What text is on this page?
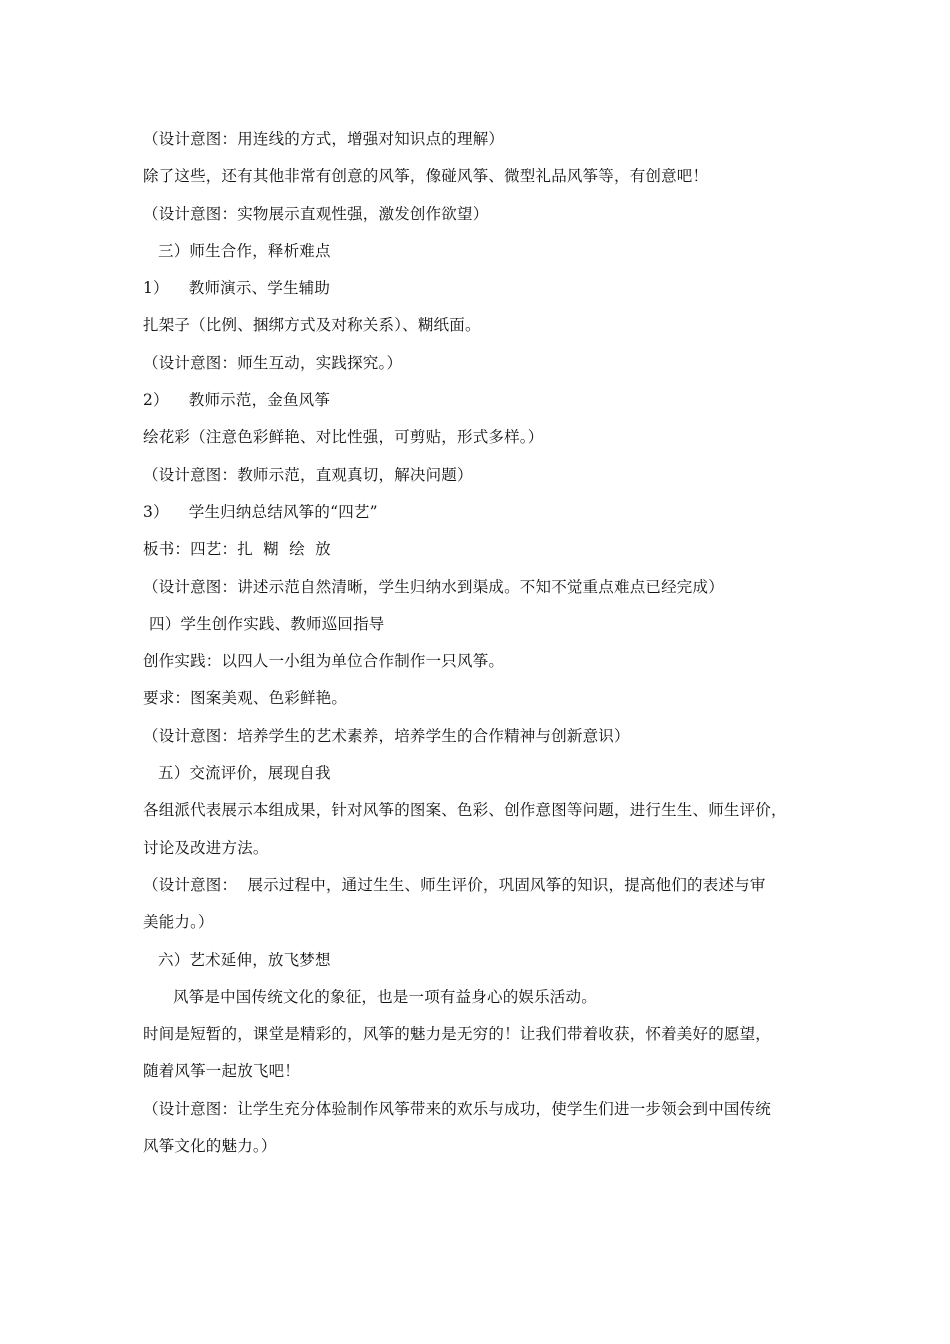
（设计意图：用连线的方式，增强对知识点的理解）
除了这些，还有其他非常有创意的风筝，像碰风筝、微型礼品风筝等，有创意吧！
（设计意图：实物展示直观性强，激发创作欲望）
三）师生合作，释析难点
1） 教师演示、学生辅助
扎架子（比例、捆绑方式及对称关系）、糊纸面。
（设计意图：师生互动，实践探究。）
2） 教师示范，金鱼风筝
绘花彩（注意色彩鲜艳、对比性强，可剪贴，形式多样。）
（设计意图：教师示范，直观真切，解决问题）
3） 学生归纳总结风筝的“四艺”
板书：四艺：扎  糊  绘  放
（设计意图：讲述示范自然清晰，学生归纳水到渠成。不知不觉重点难点已经完成）
四）学生创作实践、教师巡回指导
创作实践：以四人一小组为单位合作制作一只风筝。
要求：图案美观、色彩鲜艳。
（设计意图：培养学生的艺术素养，培养学生的合作精神与创新意识）
五）交流评价，展现自我
各组派代表展示本组成果，针对风筝的图案、色彩、创作意图等问题，进行生生、师生评价，
讨论及改进方法。
（设计意图：  展示过程中，通过生生、师生评价，巩固风筝的知识，提高他们的表述与审
美能力。）
六）艺术延伸，放飞梦想
风筝是中国传统文化的象征，也是一项有益身心的娱乐活动。
时间是短暂的，课堂是精彩的，风筝的魅力是无穷的！让我们带着收获，怀着美好的愿望，
随着风筝一起放飞吧！
（设计意图：让学生充分体验制作风筝带来的欢乐与成功，使学生们进一步领会到中国传统
风筝文化的魅力。）
